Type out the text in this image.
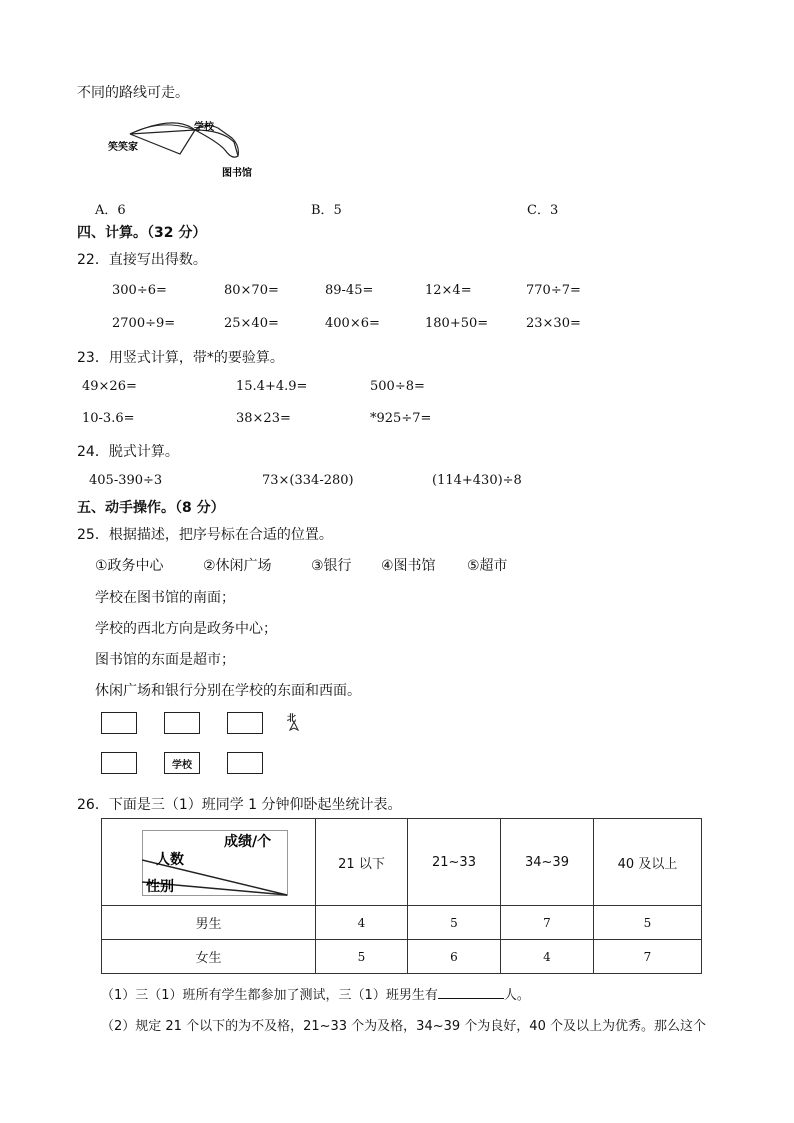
不同的路线可走。
学校
笑笑家
图书馆
A．6	B．5	C．3
四、计算。（32 分）
22．直接写出得数。
300÷6=	80×70=	89-45=	12×4=	770÷7=
2700÷9=	25×40=	400×6=	180+50=	23×30=
23．用竖式计算，带*的要验算。
49×26=	15.4+4.9=	500÷8=
10-3.6=	38×23=	*925÷7=
24．脱式计算。
405-390÷3	73×(334-280)	(114+430)÷8
五、动手操作。（8 分）
25．根据描述，把序号标在合适的位置。
①政务中心	②休闲广场	③银行 ④图书馆 ⑤超市
学校在图书馆的南面；
学校的西北方向是政务中心；
图书馆的东面是超市；
休闲广场和银行分别在学校的东面和西面。
学校
北
26．下面是三（1）班同学 1 分钟仰卧起坐统计表。
成绩/个
人数
性别	21 以下	21~33	34~39	40 及以上
男生	4	5	7	5
女生	5	6	4	7
（1）三（1）班所有学生都参加了测试，三（1）班男生有	人。
（2）规定 21 个以下的为不及格，21~33 个为及格，34~39 个为良好，40 个及以上为优秀。那么这个
